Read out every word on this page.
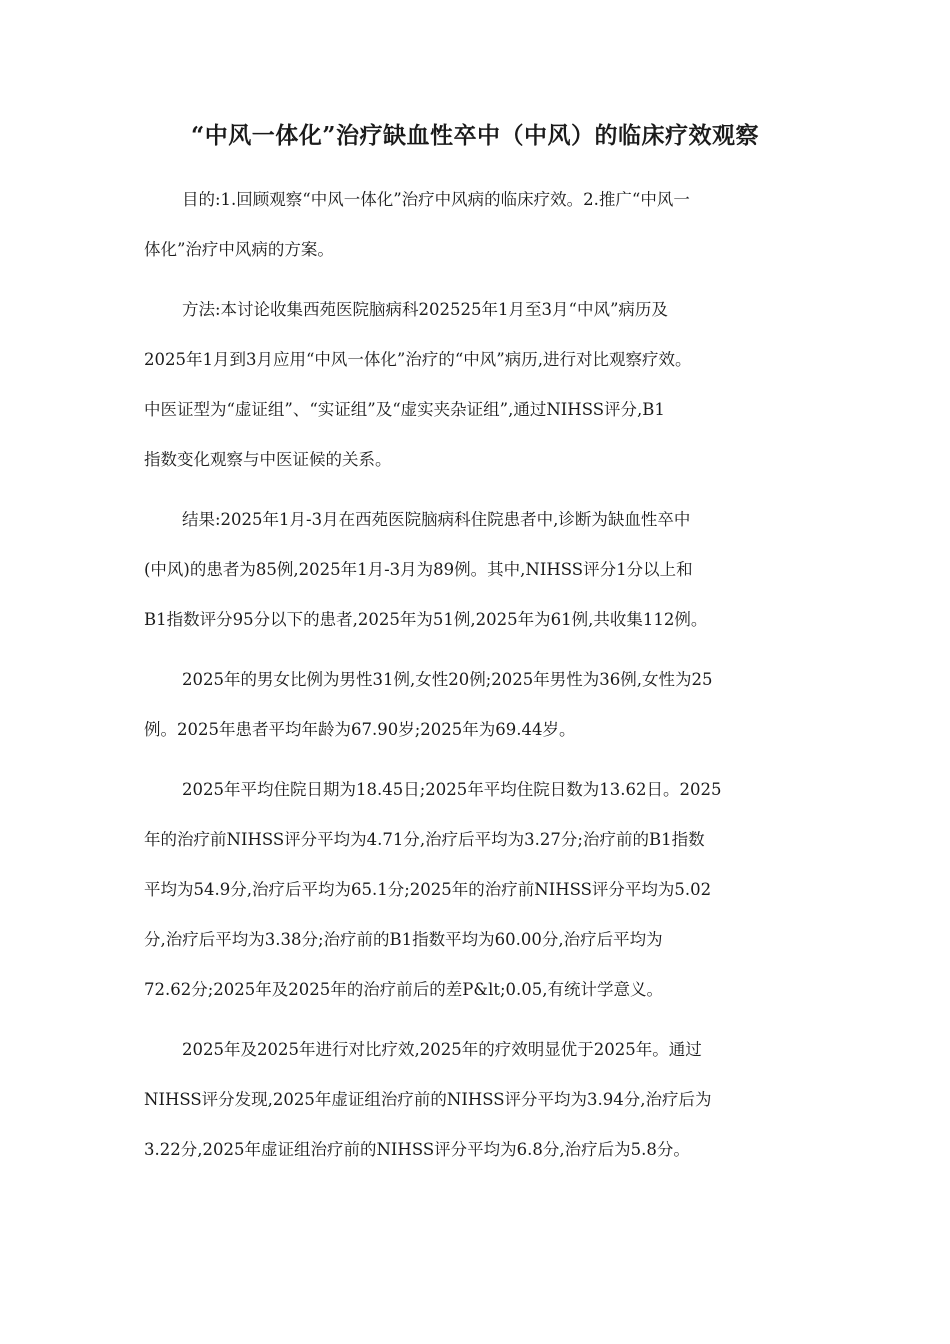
“中风一体化”治疗缺血性卒中（中风）的临床疗效观察

目的:1.回顾观察“中风一体化”治疗中风病的临床疗效。2.推广“中风一
体化”治疗中风病的方案。

方法:本讨论收集西苑医院脑病科202525年1月至3月“中风”病历及
2025年1月到3月应用“中风一体化”治疗的“中风”病历,进行对比观察疗效。
中医证型为“虚证组”、“实证组”及“虚实夹杂证组”,通过NIHSS评分,B1
指数变化观察与中医证候的关系。

结果:2025年1月-3月在西苑医院脑病科住院患者中,诊断为缺血性卒中
(中风)的患者为85例,2025年1月-3月为89例。其中,NIHSS评分1分以上和
B1指数评分95分以下的患者,2025年为51例,2025年为61例,共收集112例。

2025年的男女比例为男性31例,女性20例;2025年男性为36例,女性为25
例。2025年患者平均年龄为67.90岁;2025年为69.44岁。

2025年平均住院日期为18.45日;2025年平均住院日数为13.62日。2025
年的治疗前NIHSS评分平均为4.71分,治疗后平均为3.27分;治疗前的B1指数
平均为54.9分,治疗后平均为65.1分;2025年的治疗前NIHSS评分平均为5.02
分,治疗后平均为3.38分;治疗前的B1指数平均为60.00分,治疗后平均为
72.62分;2025年及2025年的治疗前后的差P&lt;0.05,有统计学意义。

2025年及2025年进行对比疗效,2025年的疗效明显优于2025年。通过
NIHSS评分发现,2025年虚证组治疗前的NIHSS评分平均为3.94分,治疗后为
3.22分,2025年虚证组治疗前的NIHSS评分平均为6.8分,治疗后为5.8分。
